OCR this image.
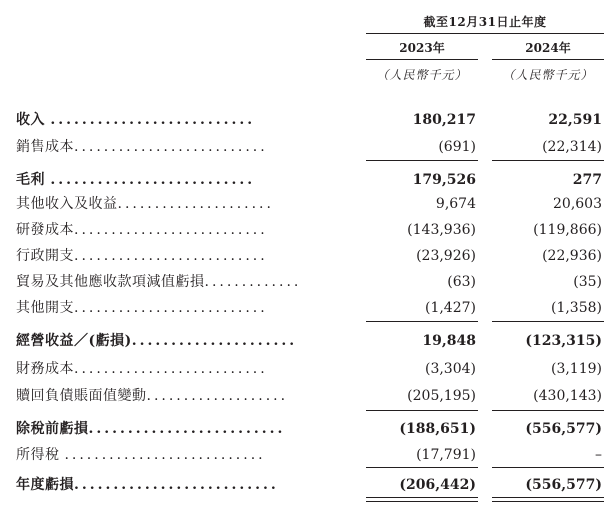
截至12月31日止年度
2023年	2024年
（人民幣千元）	（人民幣千元）
收入 ..........................	180,217	22,591
銷售成本..........................	(691)	(22,314)
毛利 ..........................	179,526	277
其他收入及收益.....................	9,674	20,603
研發成本..........................	(143,936)	(119,866)
行政開支..........................	(23,926)	(22,936)
貿易及其他應收款項減值虧損.............	(63)	(35)
其他開支..........................	(1,427)	(1,358)
經營收益／(虧損).....................	19,848	(123,315)
財務成本..........................	(3,304)	(3,119)
贖回負債賬面值變動...................	(205,195)	(430,143)
除稅前虧損.........................	(188,651)	(556,577)
所得稅 ...........................	(17,791)	–
年度虧損..........................	(206,442)	(556,577)
